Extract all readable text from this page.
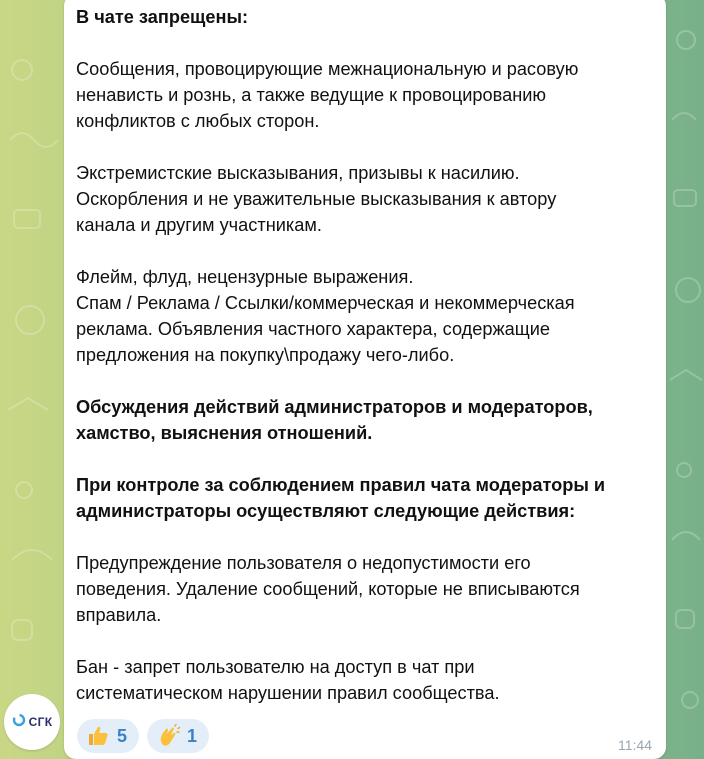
В чате запрещены:

Сообщения, провоцирующие межнациональную и расовую
ненависть и рознь, а также ведущие к провоцированию
конфликтов с любых сторон.

Экстремистские высказывания, призывы к насилию.
Оскорбления и не уважительные высказывания к автору
канала и другим участникам.

Флейм, флуд, нецензурные выражения.
Спам / Реклама / Ссылки/коммерческая и некоммерческая
реклама. Объявления частного характера, содержащие
предложения на покупку\продажу чего-либо.

Обсуждения действий администраторов и модераторов,
хамство, выяснения отношений.

При контроле за соблюдением правил чата модераторы и
администраторы осуществляют следующие действия:

Предупреждение пользователя о недопустимости его
поведения. Удаление сообщений, которые не вписываются
вправила.

Бан - запрет пользователю на доступ в чат при
систематическом нарушении правил сообщества.

5	1	11:44
СГК
